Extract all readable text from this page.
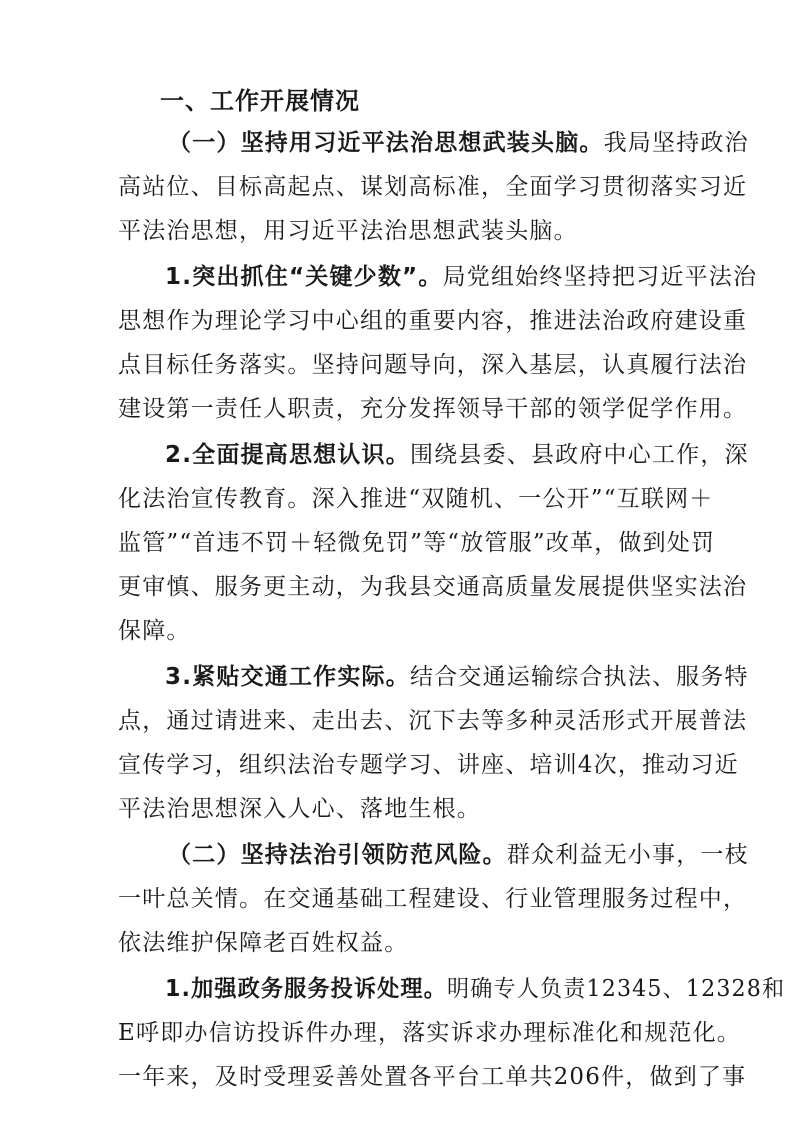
一、工作开展情况
（一）坚持用习近平法治思想武装头脑。我局坚持政治
高站位、目标高起点、谋划高标准，全面学习贯彻落实习近
平法治思想，用习近平法治思想武装头脑。
1.突出抓住“关键少数”。局党组始终坚持把习近平法治
思想作为理论学习中心组的重要内容，推进法治政府建设重
点目标任务落实。坚持问题导向，深入基层，认真履行法治
建设第一责任人职责，充分发挥领导干部的领学促学作用。
2.全面提高思想认识。围绕县委、县政府中心工作，深
化法治宣传教育。深入推进“双随机、一公开”“互联网＋
监管”“首违不罚＋轻微免罚”等“放管服”改革，做到处罚
更审慎、服务更主动，为我县交通高质量发展提供坚实法治
保障。
3.紧贴交通工作实际。结合交通运输综合执法、服务特
点，通过请进来、走出去、沉下去等多种灵活形式开展普法
宣传学习，组织法治专题学习、讲座、培训4次，推动习近
平法治思想深入人心、落地生根。
（二）坚持法治引领防范风险。群众利益无小事，一枝
一叶总关情。在交通基础工程建设、行业管理服务过程中，
依法维护保障老百姓权益。
1.加强政务服务投诉处理。明确专人负责12345、12328和
E呼即办信访投诉件办理，落实诉求办理标准化和规范化。
一年来，及时受理妥善处置各平台工单共206件，做到了事
